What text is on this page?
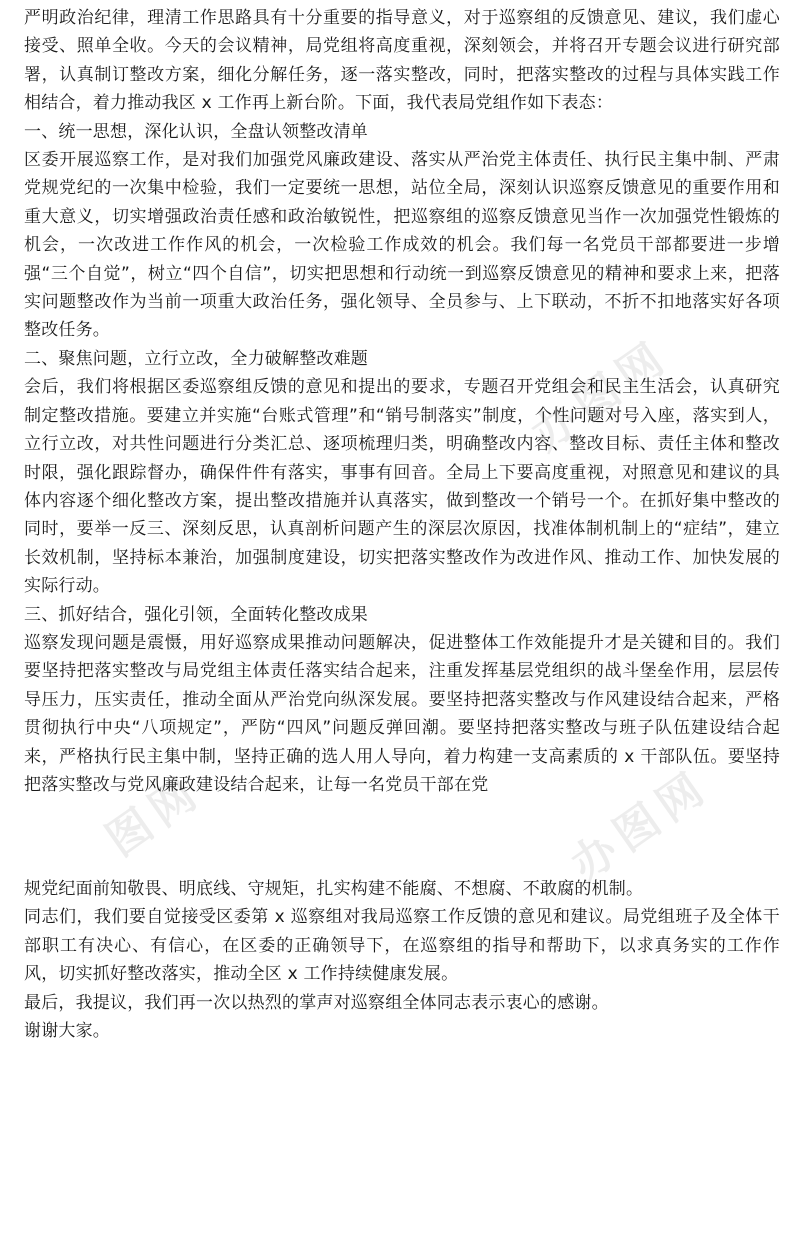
办图网
图网	办图网

严明政治纪律，理清工作思路具有十分重要的指导意义，对于巡察组的反馈意见、建议，我们虚心接受、照单全收。今天的会议精神，局党组将高度重视，深刻领会，并将召开专题会议进行研究部署，认真制订整改方案，细化分解任务，逐一落实整改，同时，把落实整改的过程与具体实践工作相结合，着力推动我区 x 工作再上新台阶。下面，我代表局党组作如下表态：

一、统一思想，深化认识，全盘认领整改清单

区委开展巡察工作，是对我们加强党风廉政建设、落实从严治党主体责任、执行民主集中制、严肃党规党纪的一次集中检验，我们一定要统一思想，站位全局，深刻认识巡察反馈意见的重要作用和重大意义，切实增强政治责任感和政治敏锐性，把巡察组的巡察反馈意见当作一次加强党性锻炼的机会，一次改进工作作风的机会，一次检验工作成效的机会。我们每一名党员干部都要进一步增强“三个自觉”，树立“四个自信”，切实把思想和行动统一到巡察反馈意见的精神和要求上来，把落实问题整改作为当前一项重大政治任务，强化领导、全员参与、上下联动，不折不扣地落实好各项整改任务。

二、聚焦问题，立行立改，全力破解整改难题

会后，我们将根据区委巡察组反馈的意见和提出的要求，专题召开党组会和民主生活会，认真研究制定整改措施。要建立并实施“台账式管理”和“销号制落实”制度，个性问题对号入座，落实到人，立行立改，对共性问题进行分类汇总、逐项梳理归类，明确整改内容、整改目标、责任主体和整改时限，强化跟踪督办，确保件件有落实，事事有回音。全局上下要高度重视，对照意见和建议的具体内容逐个细化整改方案，提出整改措施并认真落实，做到整改一个销号一个。在抓好集中整改的同时，要举一反三、深刻反思，认真剖析问题产生的深层次原因，找准体制机制上的“症结”，建立长效机制，坚持标本兼治，加强制度建设，切实把落实整改作为改进作风、推动工作、加快发展的实际行动。

三、抓好结合，强化引领，全面转化整改成果

巡察发现问题是震慑，用好巡察成果推动问题解决，促进整体工作效能提升才是关键和目的。我们要坚持把落实整改与局党组主体责任落实结合起来，注重发挥基层党组织的战斗堡垒作用，层层传导压力，压实责任，推动全面从严治党向纵深发展。要坚持把落实整改与作风建设结合起来，严格贯彻执行中央“八项规定”，严防“四风”问题反弹回潮。要坚持把落实整改与班子队伍建设结合起来，严格执行民主集中制，坚持正确的选人用人导向，着力构建一支高素质的 x 干部队伍。要坚持把落实整改与党风廉政建设结合起来，让每一名党员干部在党

规党纪面前知敬畏、明底线、守规矩，扎实构建不能腐、不想腐、不敢腐的机制。

同志们，我们要自觉接受区委第 x 巡察组对我局巡察工作反馈的意见和建议。局党组班子及全体干部职工有决心、有信心，在区委的正确领导下，在巡察组的指导和帮助下，以求真务实的工作作风，切实抓好整改落实，推动全区 x 工作持续健康发展。

最后，我提议，我们再一次以热烈的掌声对巡察组全体同志表示衷心的感谢。

谢谢大家。
